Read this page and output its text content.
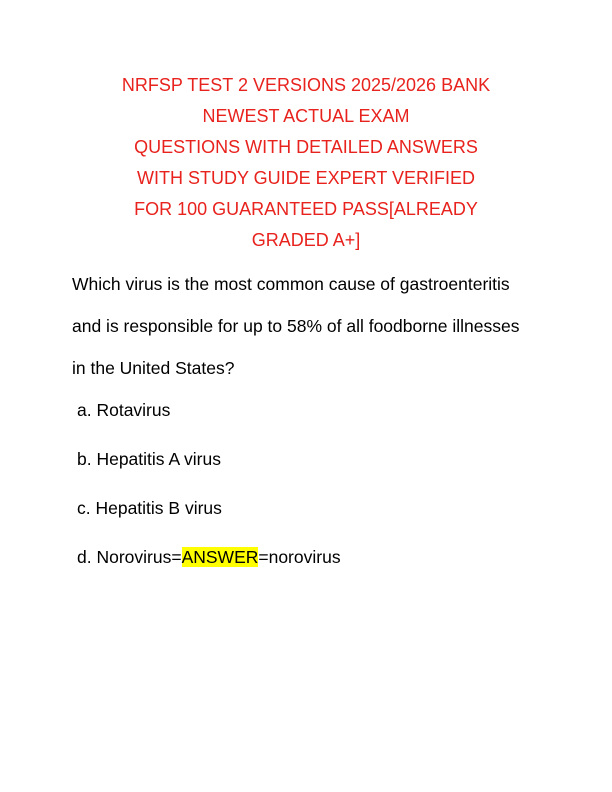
NRFSP TEST 2 VERSIONS 2025/2026 BANK
NEWEST ACTUAL EXAM
QUESTIONS WITH DETAILED ANSWERS
WITH STUDY GUIDE EXPERT VERIFIED
FOR 100 GUARANTEED PASS[ALREADY
GRADED A+]
Which virus is the most common cause of gastroenteritis
and is responsible for up to 58% of all foodborne illnesses
in the United States?
a. Rotavirus
b. Hepatitis A virus
c. Hepatitis B virus
d. Norovirus=ANSWER=norovirus
